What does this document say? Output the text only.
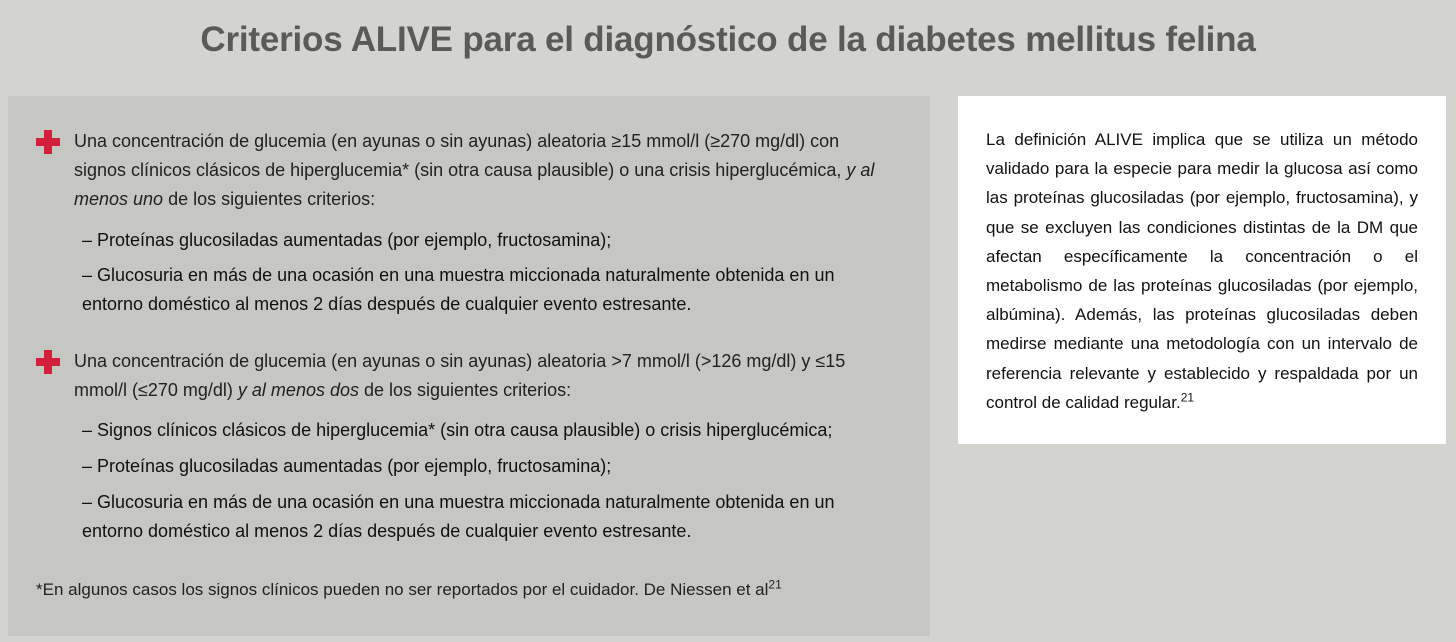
Criterios ALIVE para el diagnóstico de la diabetes mellitus felina

Una concentración de glucemia (en ayunas o sin ayunas) aleatoria ≥15 mmol/l (≥270 mg/dl) con signos clínicos clásicos de hiperglucemia* (sin otra causa plausible) o una crisis hiperglucémica, y al menos uno de los siguientes criterios:

– Proteínas glucosiladas aumentadas (por ejemplo, fructosamina);

– Glucosuria en más de una ocasión en una muestra miccionada naturalmente obtenida en un entorno doméstico al menos 2 días después de cualquier evento estresante.

Una concentración de glucemia (en ayunas o sin ayunas) aleatoria >7 mmol/l (>126 mg/dl) y ≤15 mmol/l (≤270 mg/dl) y al menos dos de los siguientes criterios:

– Signos clínicos clásicos de hiperglucemia* (sin otra causa plausible) o crisis hiperglucémica;

– Proteínas glucosiladas aumentadas (por ejemplo, fructosamina);

– Glucosuria en más de una ocasión en una muestra miccionada naturalmente obtenida en un entorno doméstico al menos 2 días después de cualquier evento estresante.

*En algunos casos los signos clínicos pueden no ser reportados por el cuidador. De Niessen et $al^{21}$

La definición ALIVE implica que se utiliza un método validado para la especie para medir la glucosa así como las proteínas glucosiladas (por ejemplo, fructosamina), y que se excluyen las condiciones distintas de la DM que afectan específicamente la concentración o el metabolismo de las proteínas glucosiladas (por ejemplo, albúmina). Además, las proteínas glucosiladas deben medirse mediante una metodología con un intervalo de referencia relevante y establecido y respaldada por un control de calidad regular.$^{21}$
